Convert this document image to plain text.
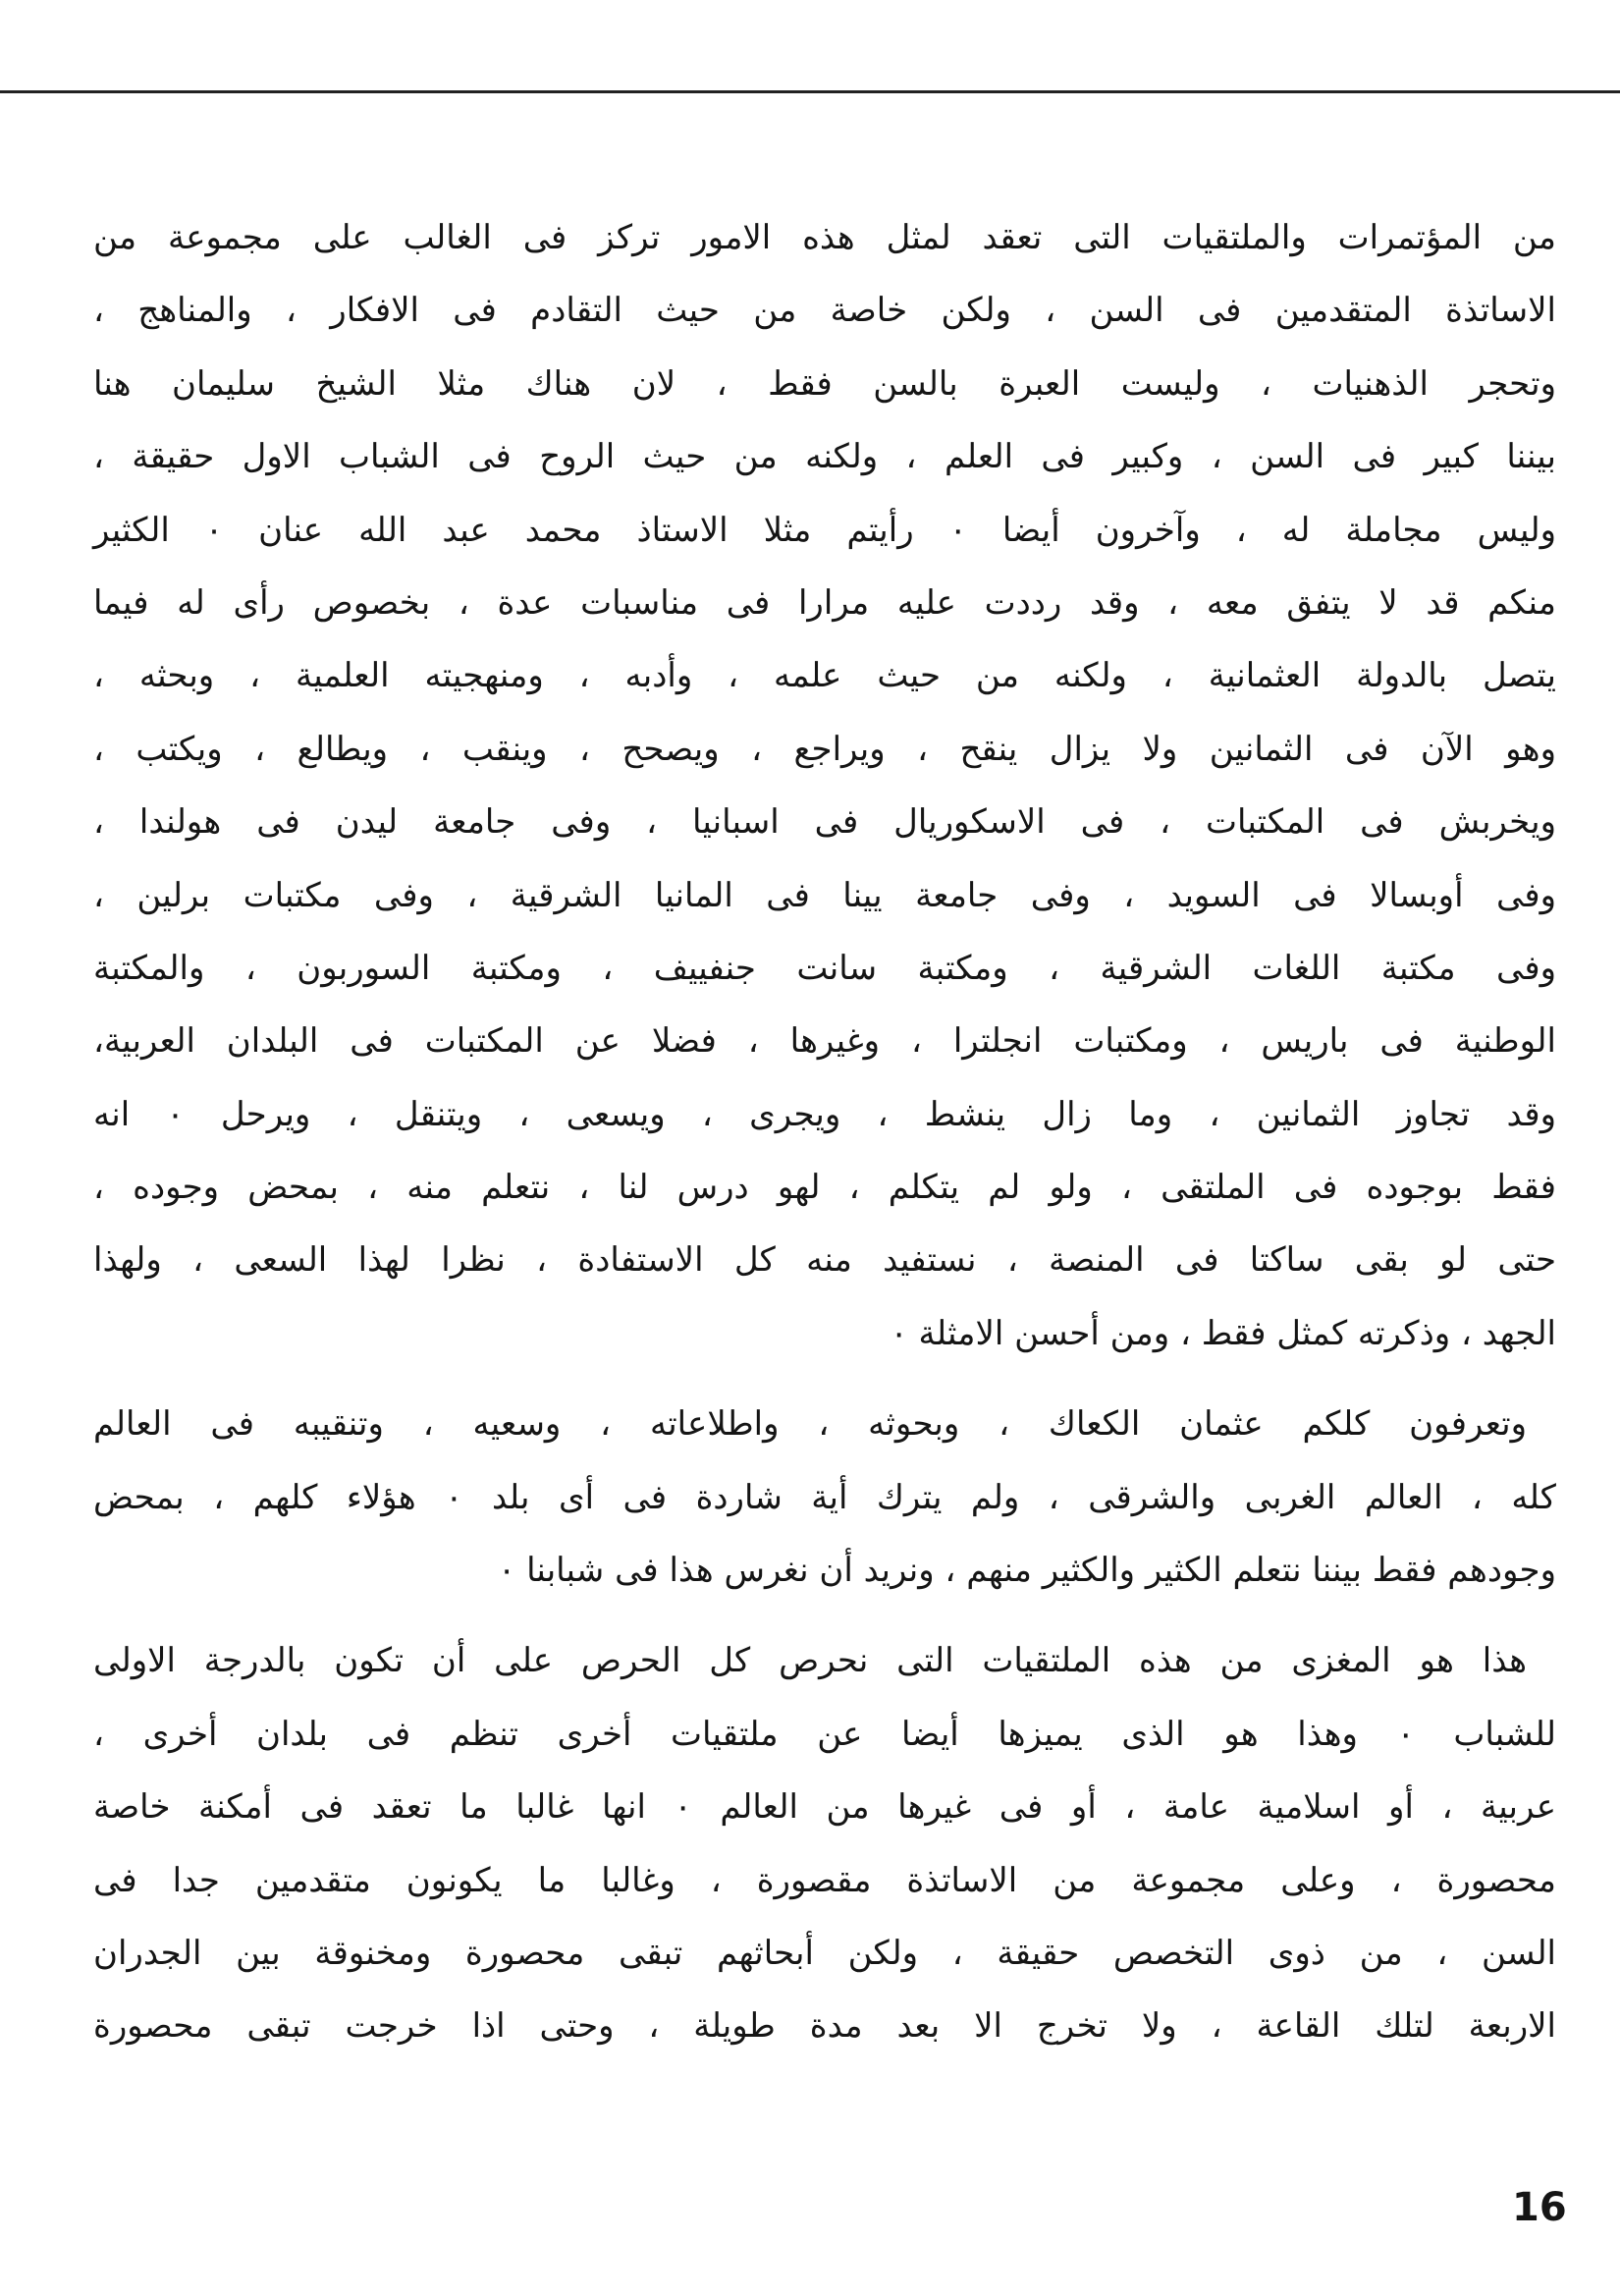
من المؤتمرات والملتقيات التى تعقد لمثل هذه الامور تركز فى الغالب على مجموعة من
الاساتذة المتقدمين فى السن ، ولكن خاصة من حيث التقادم فى الافكار ، والمناهج ،
وتحجر الذهنيات ، وليست العبرة بالسن فقط ، لان هناك مثلا الشيخ سليمان هنا
بيننا كبير فى السن ، وكبير فى العلم ، ولكنه من حيث الروح فى الشباب الاول حقيقة ،
وليس مجاملة له ، وآخرون أيضا ٠ رأيتم مثلا الاستاذ محمد عبد الله عنان ٠ الكثير
منكم قد لا يتفق معه ، وقد رددت عليه مرارا فى مناسبات عدة ، بخصوص رأى له فيما
يتصل بالدولة العثمانية ، ولكنه من حيث علمه ، وأدبه ، ومنهجيته العلمية ، وبحثه ،
وهو الآن فى الثمانين ولا يزال ينقح ، ويراجع ، ويصحح ، وينقب ، ويطالع ، ويكتب ،
ويخربش فى المكتبات ، فى الاسكوريال فى اسبانيا ، وفى جامعة ليدن فى هولندا ،
وفى أوبسالا فى السويد ، وفى جامعة يينا فى المانيا الشرقية ، وفى مكتبات برلين ،
وفى مكتبة اللغات الشرقية ، ومكتبة سانت جنفييف ، ومكتبة السوربون ، والمكتبة
الوطنية فى باريس ، ومكتبات انجلترا ، وغيرها ، فضلا عن المكتبات فى البلدان العربية،
وقد تجاوز الثمانين ، وما زال ينشط ، ويجرى ، ويسعى ، ويتنقل ، ويرحل ٠ انه
فقط بوجوده فى الملتقى ، ولو لم يتكلم ، لهو درس لنا ، نتعلم منه ، بمحض وجوده ،
حتى لو بقى ساكتا فى المنصة ، نستفيد منه كل الاستفادة ، نظرا لهذا السعى ، ولهذا
الجهد ، وذكرته كمثل فقط ، ومن أحسن الامثلة ٠

وتعرفون كلكم عثمان الكعاك ، وبحوثه ، واطلاعاته ، وسعيه ، وتنقيبه فى العالم
كله ، العالم الغربى والشرقى ، ولم يترك أية شاردة فى أى بلد ٠ هؤلاء كلهم ، بمحض
وجودهم فقط بيننا نتعلم الكثير والكثير منهم ، ونريد أن نغرس هذا فى شبابنا ٠

هذا هو المغزى من هذه الملتقيات التى نحرص كل الحرص على أن تكون بالدرجة الاولى
للشباب ٠ وهذا هو الذى يميزها أيضا عن ملتقيات أخرى تنظم فى بلدان أخرى ،
عربية ، أو اسلامية عامة ، أو فى غيرها من العالم ٠ انها غالبا ما تعقد فى أمكنة خاصة
محصورة ، وعلى مجموعة من الاساتذة مقصورة ، وغالبا ما يكونون متقدمين جدا فى
السن ، من ذوى التخصص حقيقة ، ولكن أبحاثهم تبقى محصورة ومخنوقة بين الجدران
الاربعة لتلك القاعة ، ولا تخرج الا بعد مدة طويلة ، وحتى اذا خرجت تبقى محصورة

16
